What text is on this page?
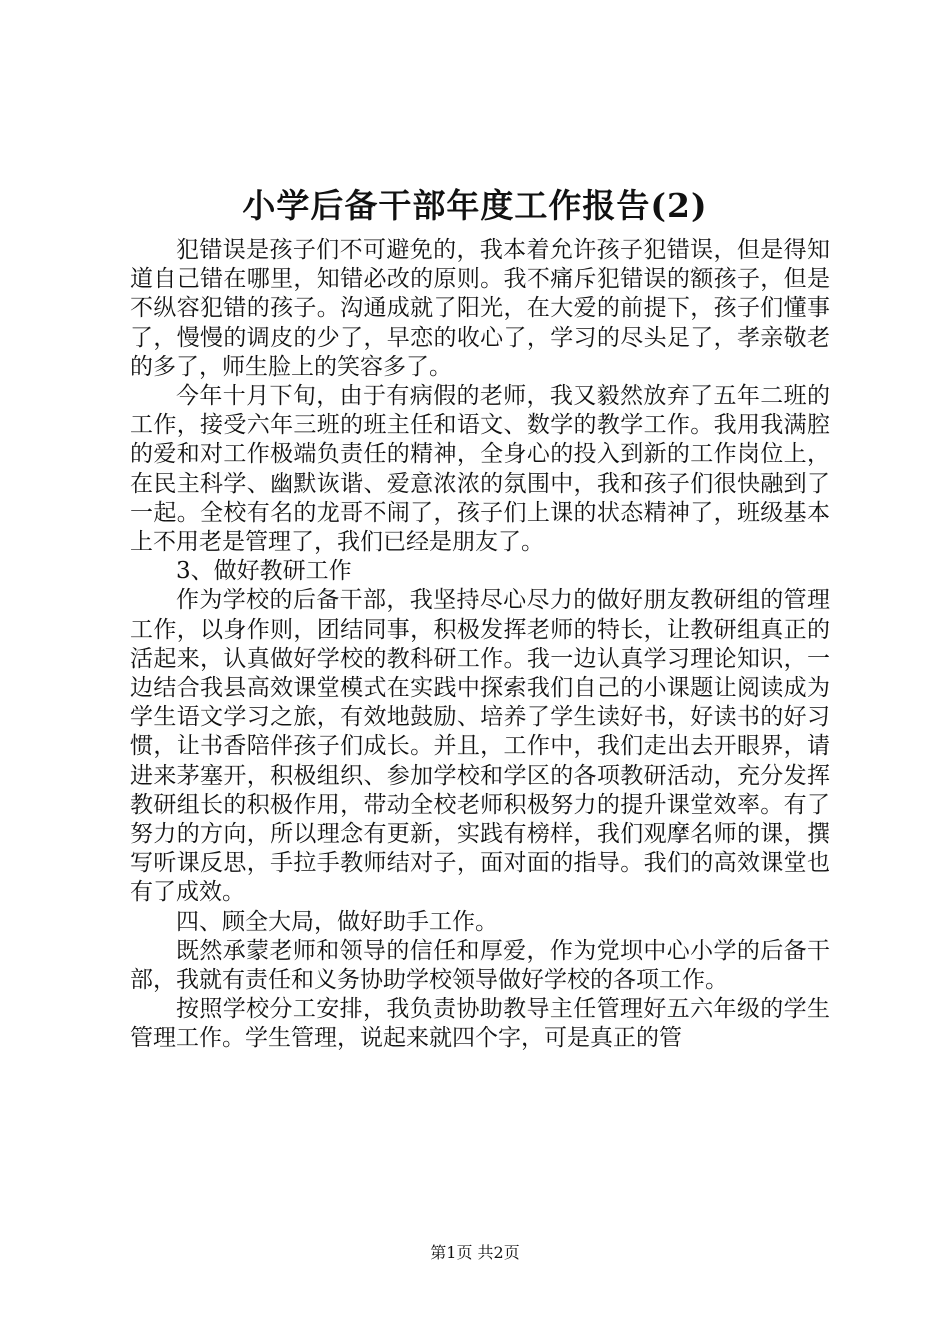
小学后备干部年度工作报告(2)

犯错误是孩子们不可避免的，我本着允许孩子犯错误，但是得知道自己错在哪里，知错必改的原则。我不痛斥犯错误的额孩子，但是不纵容犯错的孩子。沟通成就了阳光，在大爱的前提下，孩子们懂事了，慢慢的调皮的少了，早恋的收心了，学习的尽头足了，孝亲敬老的多了，师生脸上的笑容多了。

今年十月下旬，由于有病假的老师，我又毅然放弃了五年二班的工作，接受六年三班的班主任和语文、数学的教学工作。我用我满腔的爱和对工作极端负责任的精神，全身心的投入到新的工作岗位上，在民主科学、幽默诙谐、爱意浓浓的氛围中，我和孩子们很快融到了一起。全校有名的龙哥不闹了，孩子们上课的状态精神了，班级基本上不用老是管理了，我们已经是朋友了。

3、做好教研工作

作为学校的后备干部，我坚持尽心尽力的做好朋友教研组的管理工作，以身作则，团结同事，积极发挥老师的特长，让教研组真正的活起来，认真做好学校的教科研工作。我一边认真学习理论知识，一边结合我县高效课堂模式在实践中探索我们自己的小课题让阅读成为学生语文学习之旅，有效地鼓励、培养了学生读好书，好读书的好习惯，让书香陪伴孩子们成长。并且，工作中，我们走出去开眼界，请进来茅塞开，积极组织、参加学校和学区的各项教研活动，充分发挥教研组长的积极作用，带动全校老师积极努力的提升课堂效率。有了努力的方向，所以理念有更新，实践有榜样，我们观摩名师的课，撰写听课反思，手拉手教师结对子，面对面的指导。我们的高效课堂也有了成效。

四、顾全大局，做好助手工作。

既然承蒙老师和领导的信任和厚爱，作为党坝中心小学的后备干部，我就有责任和义务协助学校领导做好学校的各项工作。

按照学校分工安排，我负责协助教导主任管理好五六年级的学生管理工作。学生管理，说起来就四个字，可是真正的管

第1页 共2页
